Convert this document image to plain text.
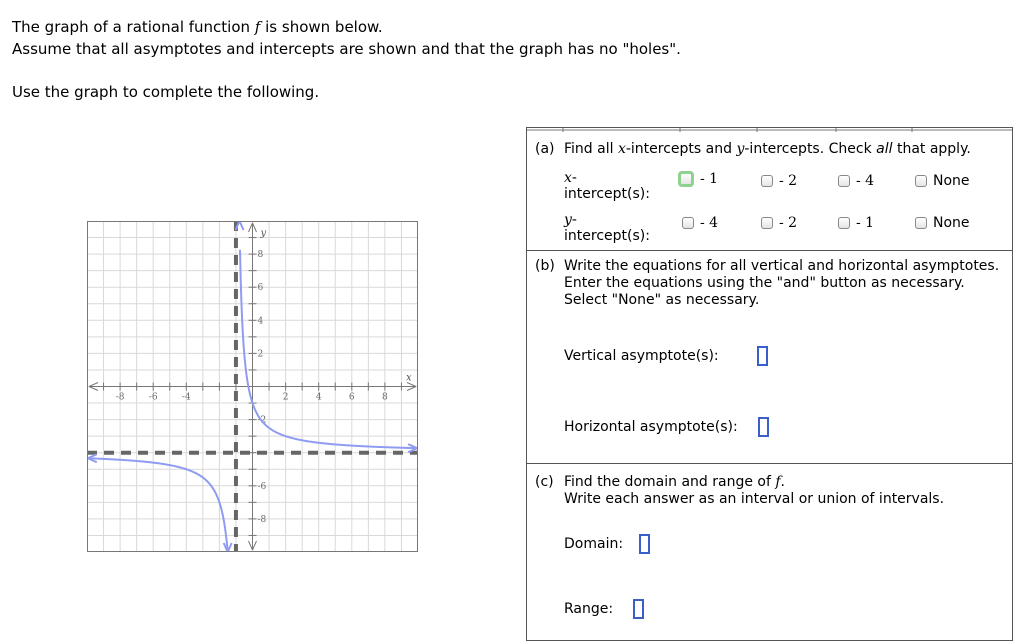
The graph of a rational function f is shown below.
Assume that all asymptotes and intercepts are shown and that the graph has no "holes".
Use the graph to complete the following.
-8	-6	-4	2	4	6	8
8
6
4
2
-2
-6
-8
x
y
(a) Find all x-intercepts and y-intercepts. Check all that apply.
x-
intercept(s):
- 1	- 2	- 4	None
y-
intercept(s):
- 4	- 2	- 1	None
(b) Write the equations for all vertical and horizontal asymptotes.
Enter the equations using the "and" button as necessary.
Select "None" as necessary.
Vertical asymptote(s):
Horizontal asymptote(s):
(c) Find the domain and range of f.
Write each answer as an interval or union of intervals.
Domain:
Range:
